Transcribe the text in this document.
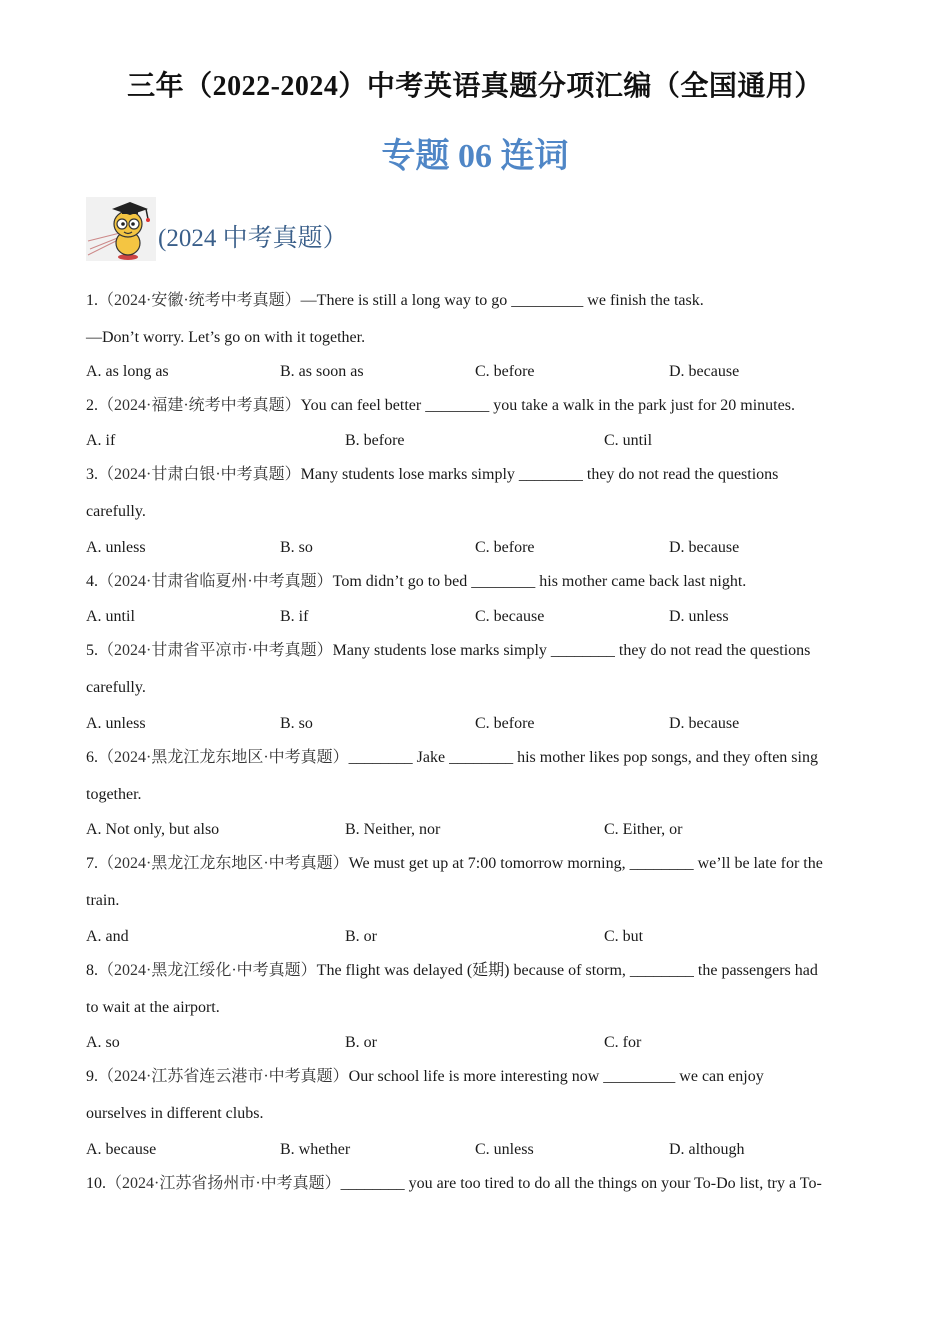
三年（2022-2024）中考英语真题分项汇编（全国通用）
专题 06 连词
(2024 中考真题）
1.（2024·安徽·统考中考真题）—There is still a long way to go _________ we finish the task.
—Don’t worry. Let’s go on with it together.
A. as long as	B. as soon as	C. before	D. because
2.（2024·福建·统考中考真题）You can feel better ________ you take a walk in the park just for 20 minutes.
A. if	B. before	C. until
3.（2024·甘肃白银·中考真题）Many students lose marks simply ________ they do not read the questions
carefully.
A. unless	B. so	C. before	D. because
4.（2024·甘肃省临夏州·中考真题）Tom didn’t go to bed ________ his mother came back last night.
A. until	B. if	C. because	D. unless
5.（2024·甘肃省平凉市·中考真题）Many students lose marks simply ________ they do not read the questions
carefully.
A. unless	B. so	C. before	D. because
6.（2024·黑龙江龙东地区·中考真题）________ Jake ________ his mother likes pop songs, and they often sing
together.
A. Not only, but also	B. Neither, nor	C. Either, or
7.（2024·黑龙江龙东地区·中考真题）We must get up at 7:00 tomorrow morning, ________ we’ll be late for the
train.
A. and	B. or	C. but
8.（2024·黑龙江绥化·中考真题）The flight was delayed (延期) because of storm, ________ the passengers had
to wait at the airport.
A. so	B. or	C. for
9.（2024·江苏省连云港市·中考真题）Our school life is more interesting now _________ we can enjoy
ourselves in different clubs.
A. because	B. whether	C. unless	D. although
10.（2024·江苏省扬州市·中考真题）________ you are too tired to do all the things on your To-Do list, try a To-
